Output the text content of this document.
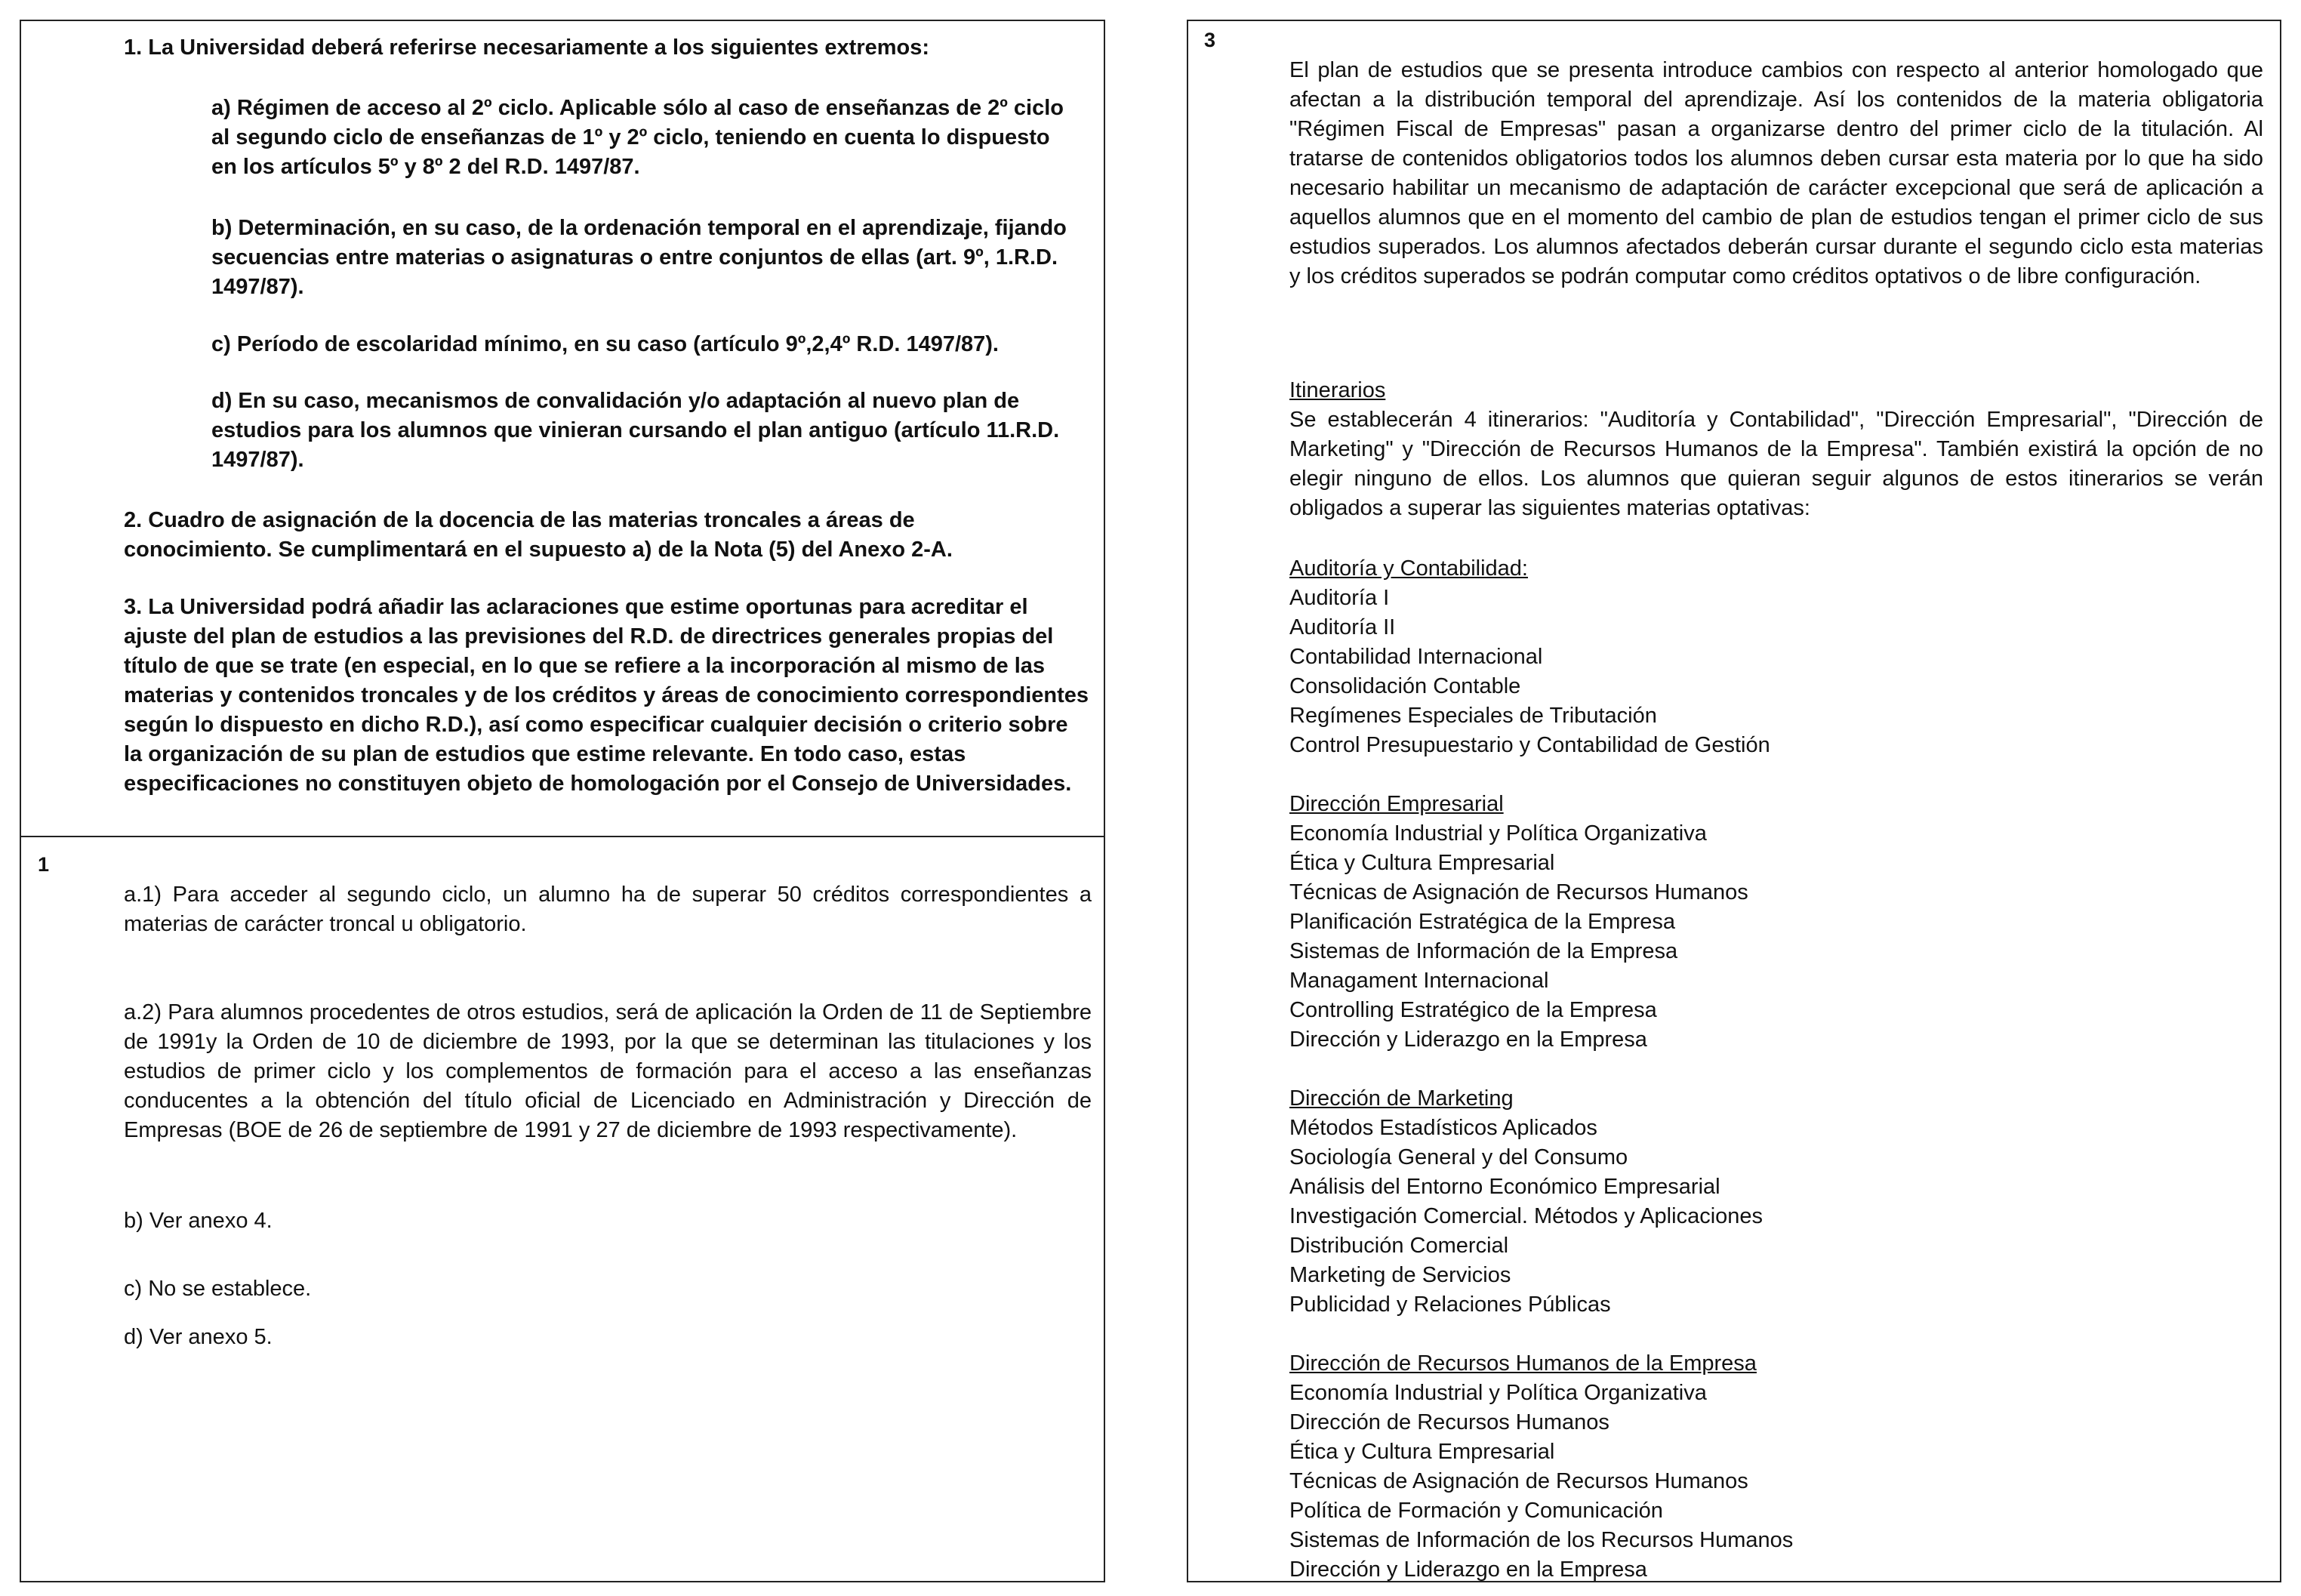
1. La Universidad deberá referirse necesariamente a los siguientes extremos:
a) Régimen de acceso al 2º ciclo. Aplicable sólo al caso de enseñanzas de 2º ciclo al segundo ciclo de enseñanzas de 1º y 2º ciclo, teniendo en cuenta lo dispuesto en los artículos 5º y 8º 2 del R.D. 1497/87.
b) Determinación, en su caso, de la ordenación temporal en el aprendizaje, fijando secuencias entre materias o asignaturas o entre conjuntos de ellas (art. 9º, 1.R.D. 1497/87).
c) Período de escolaridad mínimo, en su caso (artículo 9º,2,4º R.D. 1497/87).
d) En su caso, mecanismos de convalidación y/o adaptación al nuevo plan de estudios para los alumnos que vinieran cursando el plan antiguo (artículo 11.R.D. 1497/87).
2. Cuadro de asignación de la docencia de las materias troncales a áreas de conocimiento. Se cumplimentará en el supuesto a) de la Nota (5) del Anexo 2-A.
3. La Universidad podrá añadir las aclaraciones que estime oportunas para acreditar el ajuste del plan de estudios a las previsiones del R.D. de directrices generales propias del título de que se trate (en especial, en lo que se refiere a la incorporación al mismo de las materias y contenidos troncales y de los créditos y áreas de conocimiento correspondientes según lo dispuesto en dicho R.D.), así como especificar cualquier decisión o criterio sobre la organización de su plan de estudios que estime relevante. En todo caso, estas especificaciones no constituyen objeto de homologación por el Consejo de Universidades.
1
a.1) Para acceder al segundo ciclo, un alumno ha de superar 50 créditos correspondientes a materias de carácter troncal u obligatorio.
a.2) Para alumnos procedentes de otros estudios, será de aplicación la Orden de 11 de Septiembre de 1991y la Orden de 10 de diciembre de 1993, por la que se determinan las titulaciones y los estudios de primer ciclo y los complementos de formación para el acceso a las enseñanzas conducentes a la obtención del título oficial de Licenciado en Administración y Dirección de Empresas (BOE de 26 de septiembre de 1991 y 27 de diciembre de 1993 respectivamente).
b) Ver anexo 4.
c) No se establece.
d) Ver anexo 5.
3
El plan de estudios que se presenta introduce cambios con respecto al anterior homologado que afectan a la distribución temporal del aprendizaje. Así los contenidos de la materia obligatoria "Régimen Fiscal de Empresas" pasan a organizarse dentro del primer ciclo de la titulación. Al tratarse de contenidos obligatorios todos los alumnos deben cursar esta materia por lo que ha sido necesario habilitar un mecanismo de adaptación de carácter excepcional que será de aplicación a aquellos alumnos que en el momento del cambio de plan de estudios tengan el primer ciclo de sus estudios superados. Los alumnos afectados deberán cursar durante el segundo ciclo esta materias y los créditos superados se podrán computar como créditos optativos o de libre configuración.
Itinerarios
Se establecerán 4 itinerarios: "Auditoría y Contabilidad", "Dirección Empresarial", "Dirección de Marketing" y "Dirección de Recursos Humanos de la Empresa". También existirá la opción de no elegir ninguno de ellos. Los alumnos que quieran seguir algunos de estos itinerarios se verán obligados a superar las siguientes materias optativas:
Auditoría y Contabilidad:
Auditoría I
Auditoría II
Contabilidad Internacional
Consolidación Contable
Regímenes Especiales de Tributación
Control Presupuestario y Contabilidad de Gestión
Dirección Empresarial
Economía Industrial y Política Organizativa
Ética y Cultura Empresarial
Técnicas de Asignación de Recursos Humanos
Planificación Estratégica de la Empresa
Sistemas de Información de la Empresa
Managament Internacional
Controlling Estratégico de la Empresa
Dirección y Liderazgo en la Empresa
Dirección de Marketing
Métodos Estadísticos Aplicados
Sociología General y del Consumo
Análisis del Entorno Económico Empresarial
Investigación Comercial. Métodos y Aplicaciones
Distribución Comercial
Marketing de Servicios
Publicidad y Relaciones Públicas
Dirección de Recursos Humanos de la Empresa
Economía Industrial y Política Organizativa
Dirección de Recursos Humanos
Ética y Cultura Empresarial
Técnicas de Asignación de Recursos Humanos
Política de Formación y Comunicación
Sistemas de Información de los Recursos Humanos
Dirección y Liderazgo en la Empresa
